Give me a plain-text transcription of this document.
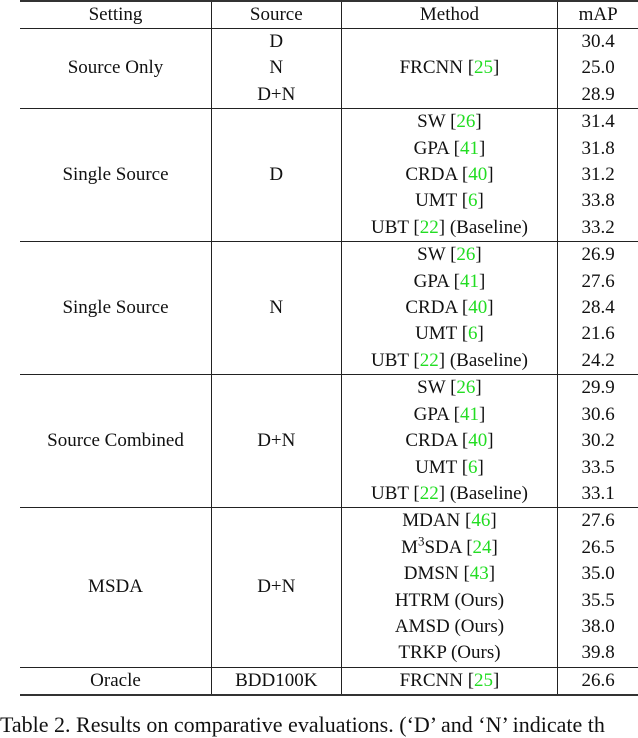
Setting	Source	Method	mAP
Source Only	D	FRCNN [25]	30.4
	N		25.0
	D+N		28.9
Single Source	D	SW [26]	31.4
		GPA [41]	31.8
		CRDA [40]	31.2
		UMT [6]	33.8
		UBT [22] (Baseline)	33.2
Single Source	N	SW [26]	26.9
		GPA [41]	27.6
		CRDA [40]	28.4
		UMT [6]	21.6
		UBT [22] (Baseline)	24.2
Source Combined	D+N	SW [26]	29.9
		GPA [41]	30.6
		CRDA [40]	30.2
		UMT [6]	33.5
		UBT [22] (Baseline)	33.1
MSDA	D+N	MDAN [46]	27.6
		$M^3SDA$ [24]	26.5
		DMSN [43]	35.0
		HTRM (Ours)	35.5
		AMSD (Ours)	38.0
		TRKP (Ours)	39.8
Oracle	BDD100K	FRCNN [25]	26.6
Table 2. Results on comparative evaluations. (‘D’ and ‘N’ indicate th
